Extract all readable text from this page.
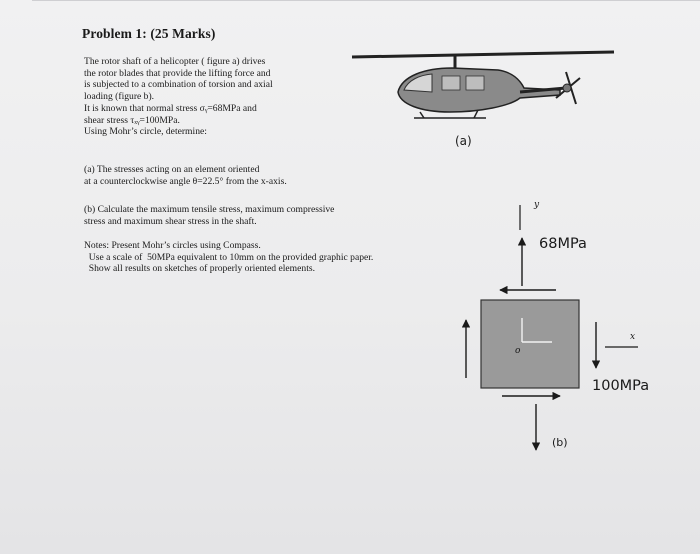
Problem 1: (25 Marks)
The rotor shaft of a helicopter ( figure a) drives
the rotor blades that provide the lifting force and
is subjected to a combination of torsion and axial
loading (figure b).
It is known that normal stress σᵧ=68MPa and
shear stress τₓᵧ=100MPa.
Using Mohr’s circle, determine:
(a) The stresses acting on an element oriented
at a counterclockwise angle θ=22.5° from the x-axis.
(b) Calculate the maximum tensile stress, maximum compressive
stress and maximum shear stress in the shaft.
Notes: Present Mohr’s circles using Compass.
Use a scale of  50MPa equivalent to 10mm on the provided graphic paper.
Show all results on sketches of properly oriented elements.
(a)
y
68MPa
x
o
100MPa
(b)
